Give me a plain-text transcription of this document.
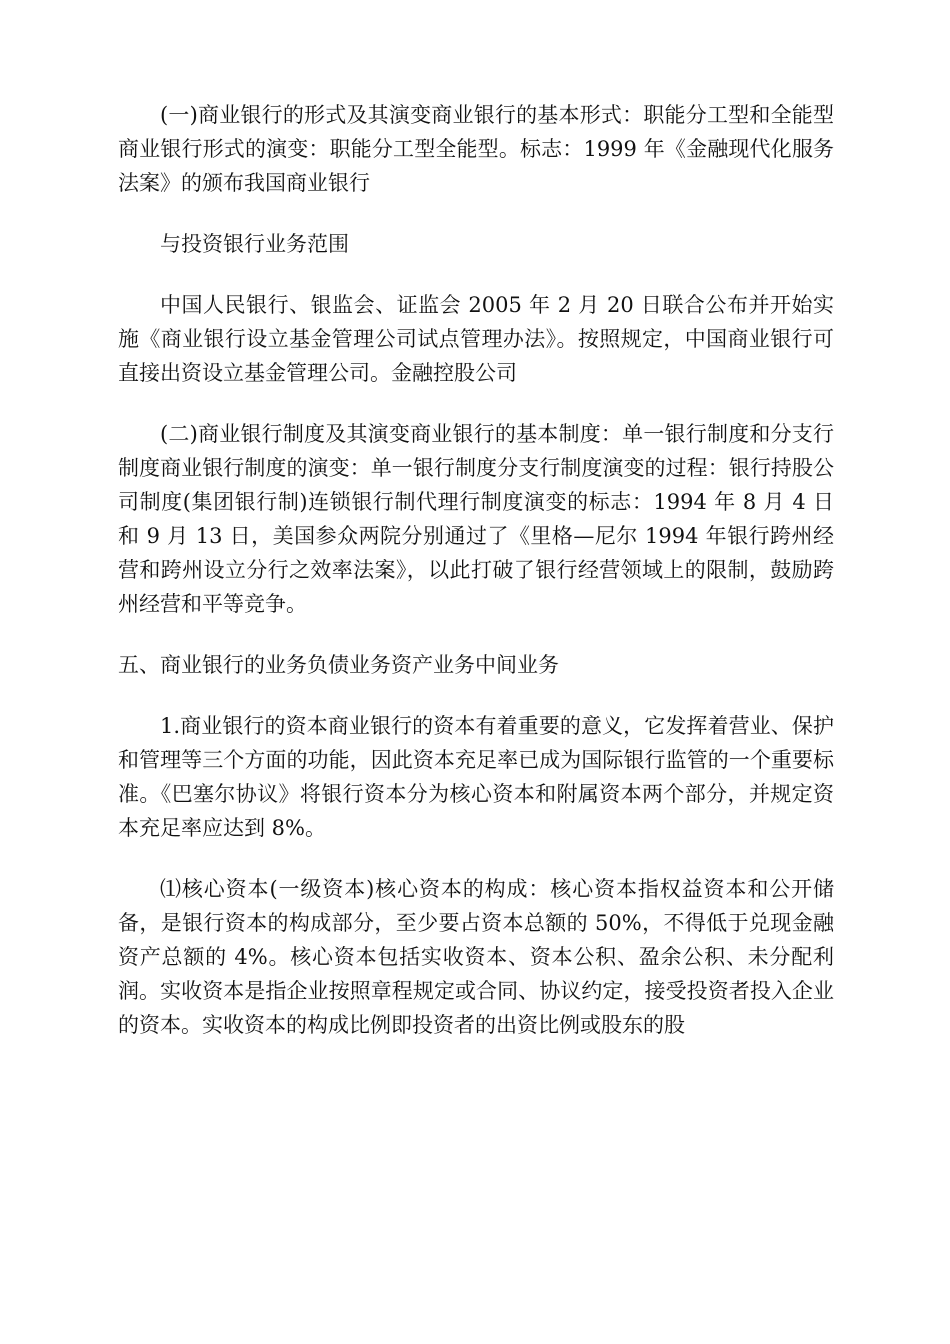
(一)商业银行的形式及其演变商业银行的基本形式：职能分工型和全能型商业银行形式的演变：职能分工型全能型。标志：1999 年《金融现代化服务法案》的颁布我国商业银行

与投资银行业务范围

中国人民银行、银监会、证监会 2005 年 2 月 20 日联合公布并开始实施《商业银行设立基金管理公司试点管理办法》。按照规定，中国商业银行可直接出资设立基金管理公司。金融控股公司

(二)商业银行制度及其演变商业银行的基本制度：单一银行制度和分支行制度商业银行制度的演变：单一银行制度分支行制度演变的过程：银行持股公司制度(集团银行制)连锁银行制代理行制度演变的标志：1994 年 8 月 4 日和 9 月 13 日，美国参众两院分别通过了《里格—尼尔 1994 年银行跨州经营和跨州设立分行之效率法案》，以此打破了银行经营领域上的限制，鼓励跨州经营和平等竞争。

五、商业银行的业务负债业务资产业务中间业务

1.商业银行的资本商业银行的资本有着重要的意义，它发挥着营业、保护和管理等三个方面的功能，因此资本充足率已成为国际银行监管的一个重要标准。《巴塞尔协议》将银行资本分为核心资本和附属资本两个部分，并规定资本充足率应达到 8%。

⑴核心资本(一级资本)核心资本的构成：核心资本指权益资本和公开储备，是银行资本的构成部分，至少要占资本总额的 50%，不得低于兑现金融资产总额的 4%。核心资本包括实收资本、资本公积、盈余公积、未分配利润。实收资本是指企业按照章程规定或合同、协议约定，接受投资者投入企业的资本。实收资本的构成比例即投资者的出资比例或股东的股
